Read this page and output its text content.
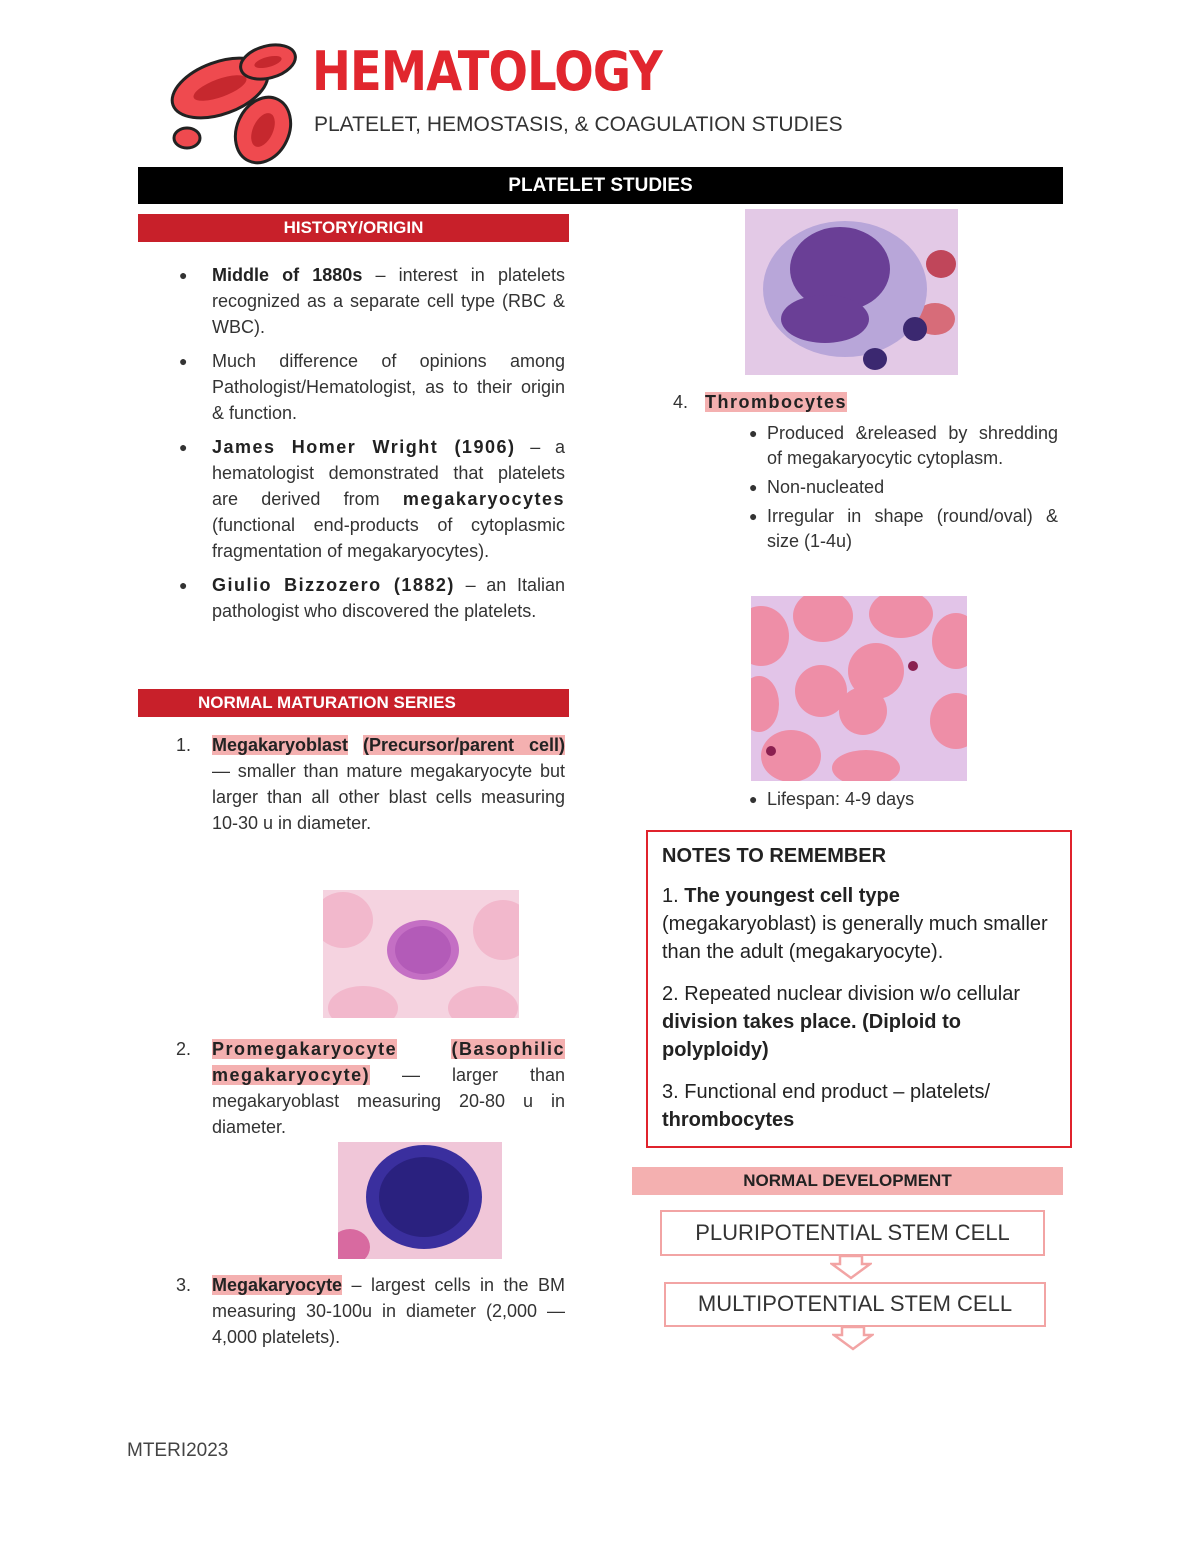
HEMATOLOGY
PLATELET, HEMOSTASIS, & COAGULATION STUDIES
PLATELET STUDIES
HISTORY/ORIGIN
● Middle of 1880s – interest in platelets recognized as a separate cell type (RBC & WBC).
● Much difference of opinions among Pathologist/Hematologist, as to their origin & function.
● James Homer Wright (1906) – a hematologist demonstrated that platelets are derived from megakaryocytes (functional end-products of cytoplasmic fragmentation of megakaryocytes).
● Giulio Bizzozero (1882) – an Italian pathologist who discovered the platelets.
NORMAL MATURATION SERIES
1. Megakaryoblast (Precursor/parent cell) — smaller than mature megakaryocyte but larger than all other blast cells measuring 10-30 u in diameter.
2. Promegakaryocyte	(Basophilic megakaryocyte) — larger than megakaryoblast measuring 20-80 u in diameter.
3. Megakaryocyte – largest cells in the BM measuring 30-100u in diameter (2,000 — 4,000 platelets).
4. Thrombocytes
● Produced &released by shredding of megakaryocytic cytoplasm.
● Non-nucleated
● Irregular in shape (round/oval) & size (1-4u)
● Lifespan: 4-9 days

NOTES TO REMEMBER

1. The youngest cell type (megakaryoblast) is generally much smaller than the adult (megakaryocyte).

2. Repeated nuclear division w/o cellular division takes place. (Diploid to polyploidy)

3. Functional end product – platelets/ thrombocytes

NORMAL DEVELOPMENT
PLURIPOTENTIAL STEM CELL
MULTIPOTENTIAL STEM CELL
MTERI2023
